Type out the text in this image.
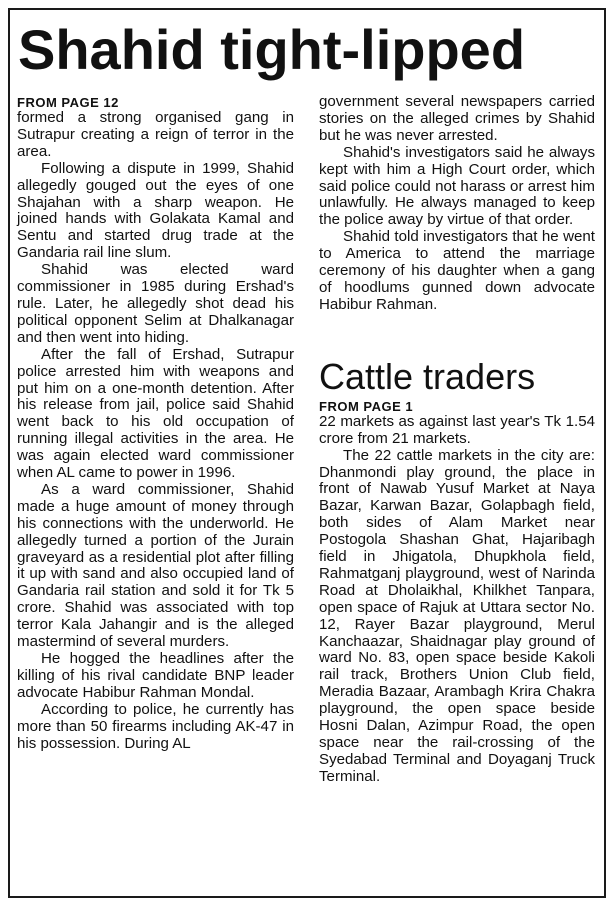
Shahid tight-lipped
FROM PAGE 12

formed a strong organised gang in Sutrapur creating a reign of terror in the area.

Following a dispute in 1999, Shahid allegedly gouged out the eyes of one Shajahan with a sharp weapon. He joined hands with Golakata Kamal and Sentu and started drug trade at the Gandaria rail line slum.

Shahid was elected ward commissioner in 1985 during Ershad's rule. Later, he allegedly shot dead his political opponent Selim at Dhalkanagar and then went into hiding.

After the fall of Ershad, Sutrapur police arrested him with weapons and put him on a one-month detention. After his release from jail, police said Shahid went back to his old occupation of running illegal activities in the area. He was again elected ward commissioner when AL came to power in 1996.

As a ward commissioner, Shahid made a huge amount of money through his connections with the underworld. He allegedly turned a portion of the Jurain graveyard as a residential plot after filling it up with sand and also occupied land of Gandaria rail station and sold it for Tk 5 crore. Shahid was associated with top terror Kala Jahangir and is the alleged mastermind of several murders.

He hogged the headlines after the killing of his rival candidate BNP leader advocate Habibur Rahman Mondal.

According to police, he currently has more than 50 firearms including AK-47 in his possession. During AL

government several newspapers carried stories on the alleged crimes by Shahid but he was never arrested.

Shahid's investigators said he always kept with him a High Court order, which said police could not harass or arrest him unlawfully. He always managed to keep the police away by virtue of that order.

Shahid told investigators that he went to America to attend the marriage ceremony of his daughter when a gang of hoodlums gunned down advocate Habibur Rahman.

Cattle traders
FROM PAGE 1

22 markets as against last year's Tk 1.54 crore from 21 markets.

The 22 cattle markets in the city are: Dhanmondi play ground, the place in front of Nawab Yusuf Market at Naya Bazar, Karwan Bazar, Golapbagh field, both sides of Alam Market near Postogola Shashan Ghat, Hajaribagh field in Jhigatola, Dhupkhola field, Rahmatganj playground, west of Narinda Road at Dholaikhal, Khilkhet Tanpara, open space of Rajuk at Uttara sector No. 12, Rayer Bazar playground, Merul Kanchaazar, Shaidnagar play ground of ward No. 83, open space beside Kakoli rail track, Brothers Union Club field, Meradia Bazaar, Arambagh Krira Chakra playground, the open space beside Hosni Dalan, Azimpur Road, the open space near the rail-crossing of the Syedabad Terminal and Doyaganj Truck Terminal.
